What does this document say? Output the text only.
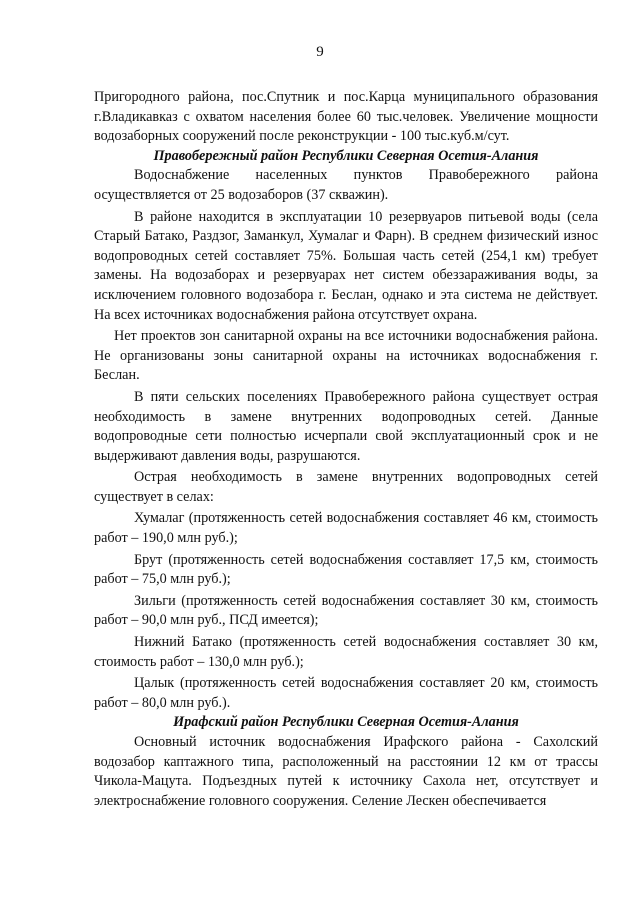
9

Пригородного района, пос.Спутник и пос.Карца муниципального образования г.Владикавказ с охватом населения более 60 тыс.человек. Увеличение мощности водозаборных сооружений после реконструкции - 100 тыс.куб.м/сут.

Правобережный район Республики Северная Осетия-Алания

Водоснабжение населенных пунктов Правобережного района осуществляется от 25 водозаборов (37 скважин).

В районе находится в эксплуатации 10 резервуаров питьевой воды (села Старый Батако, Раздзог, Заманкул, Хумалаг и Фарн). В среднем физический износ водопроводных сетей составляет 75%. Большая часть сетей (254,1 км) требует замены. На водозаборах и резервуарах нет систем обеззараживания воды, за исключением головного водозабора г. Беслан, однако и эта система не действует. На всех источниках водоснабжения района отсутствует охрана.

Нет проектов зон санитарной охраны на все источники водоснабжения района. Не организованы зоны санитарной охраны на источниках водоснабжения г. Беслан.

В пяти сельских поселениях Правобережного района существует острая необходимость в замене внутренних водопроводных сетей. Данные водопроводные сети полностью исчерпали свой эксплуатационный срок и не выдерживают давления воды, разрушаются.

Острая необходимость в замене внутренних водопроводных сетей существует в селах:

Хумалаг (протяженность сетей водоснабжения составляет 46 км, стоимость работ – 190,0 млн руб.);

Брут (протяженность сетей водоснабжения составляет 17,5 км, стоимость работ – 75,0 млн руб.);

Зильги (протяженность сетей водоснабжения составляет 30 км, стоимость работ – 90,0 млн руб., ПСД имеется);

Нижний Батако (протяженность сетей водоснабжения составляет 30 км, стоимость работ – 130,0 млн руб.);

Цалык (протяженность сетей водоснабжения составляет 20 км, стоимость работ – 80,0 млн руб.).

Ирафский район Республики Северная Осетия-Алания

Основный источник водоснабжения Ирафского района - Сахолский водозабор каптажного типа, расположенный на расстоянии 12 км от трассы Чикола-Мацута. Подъездных путей к источнику Сахола нет, отсутствует и электроснабжение головного сооружения. Селение Лескен обеспечивается
